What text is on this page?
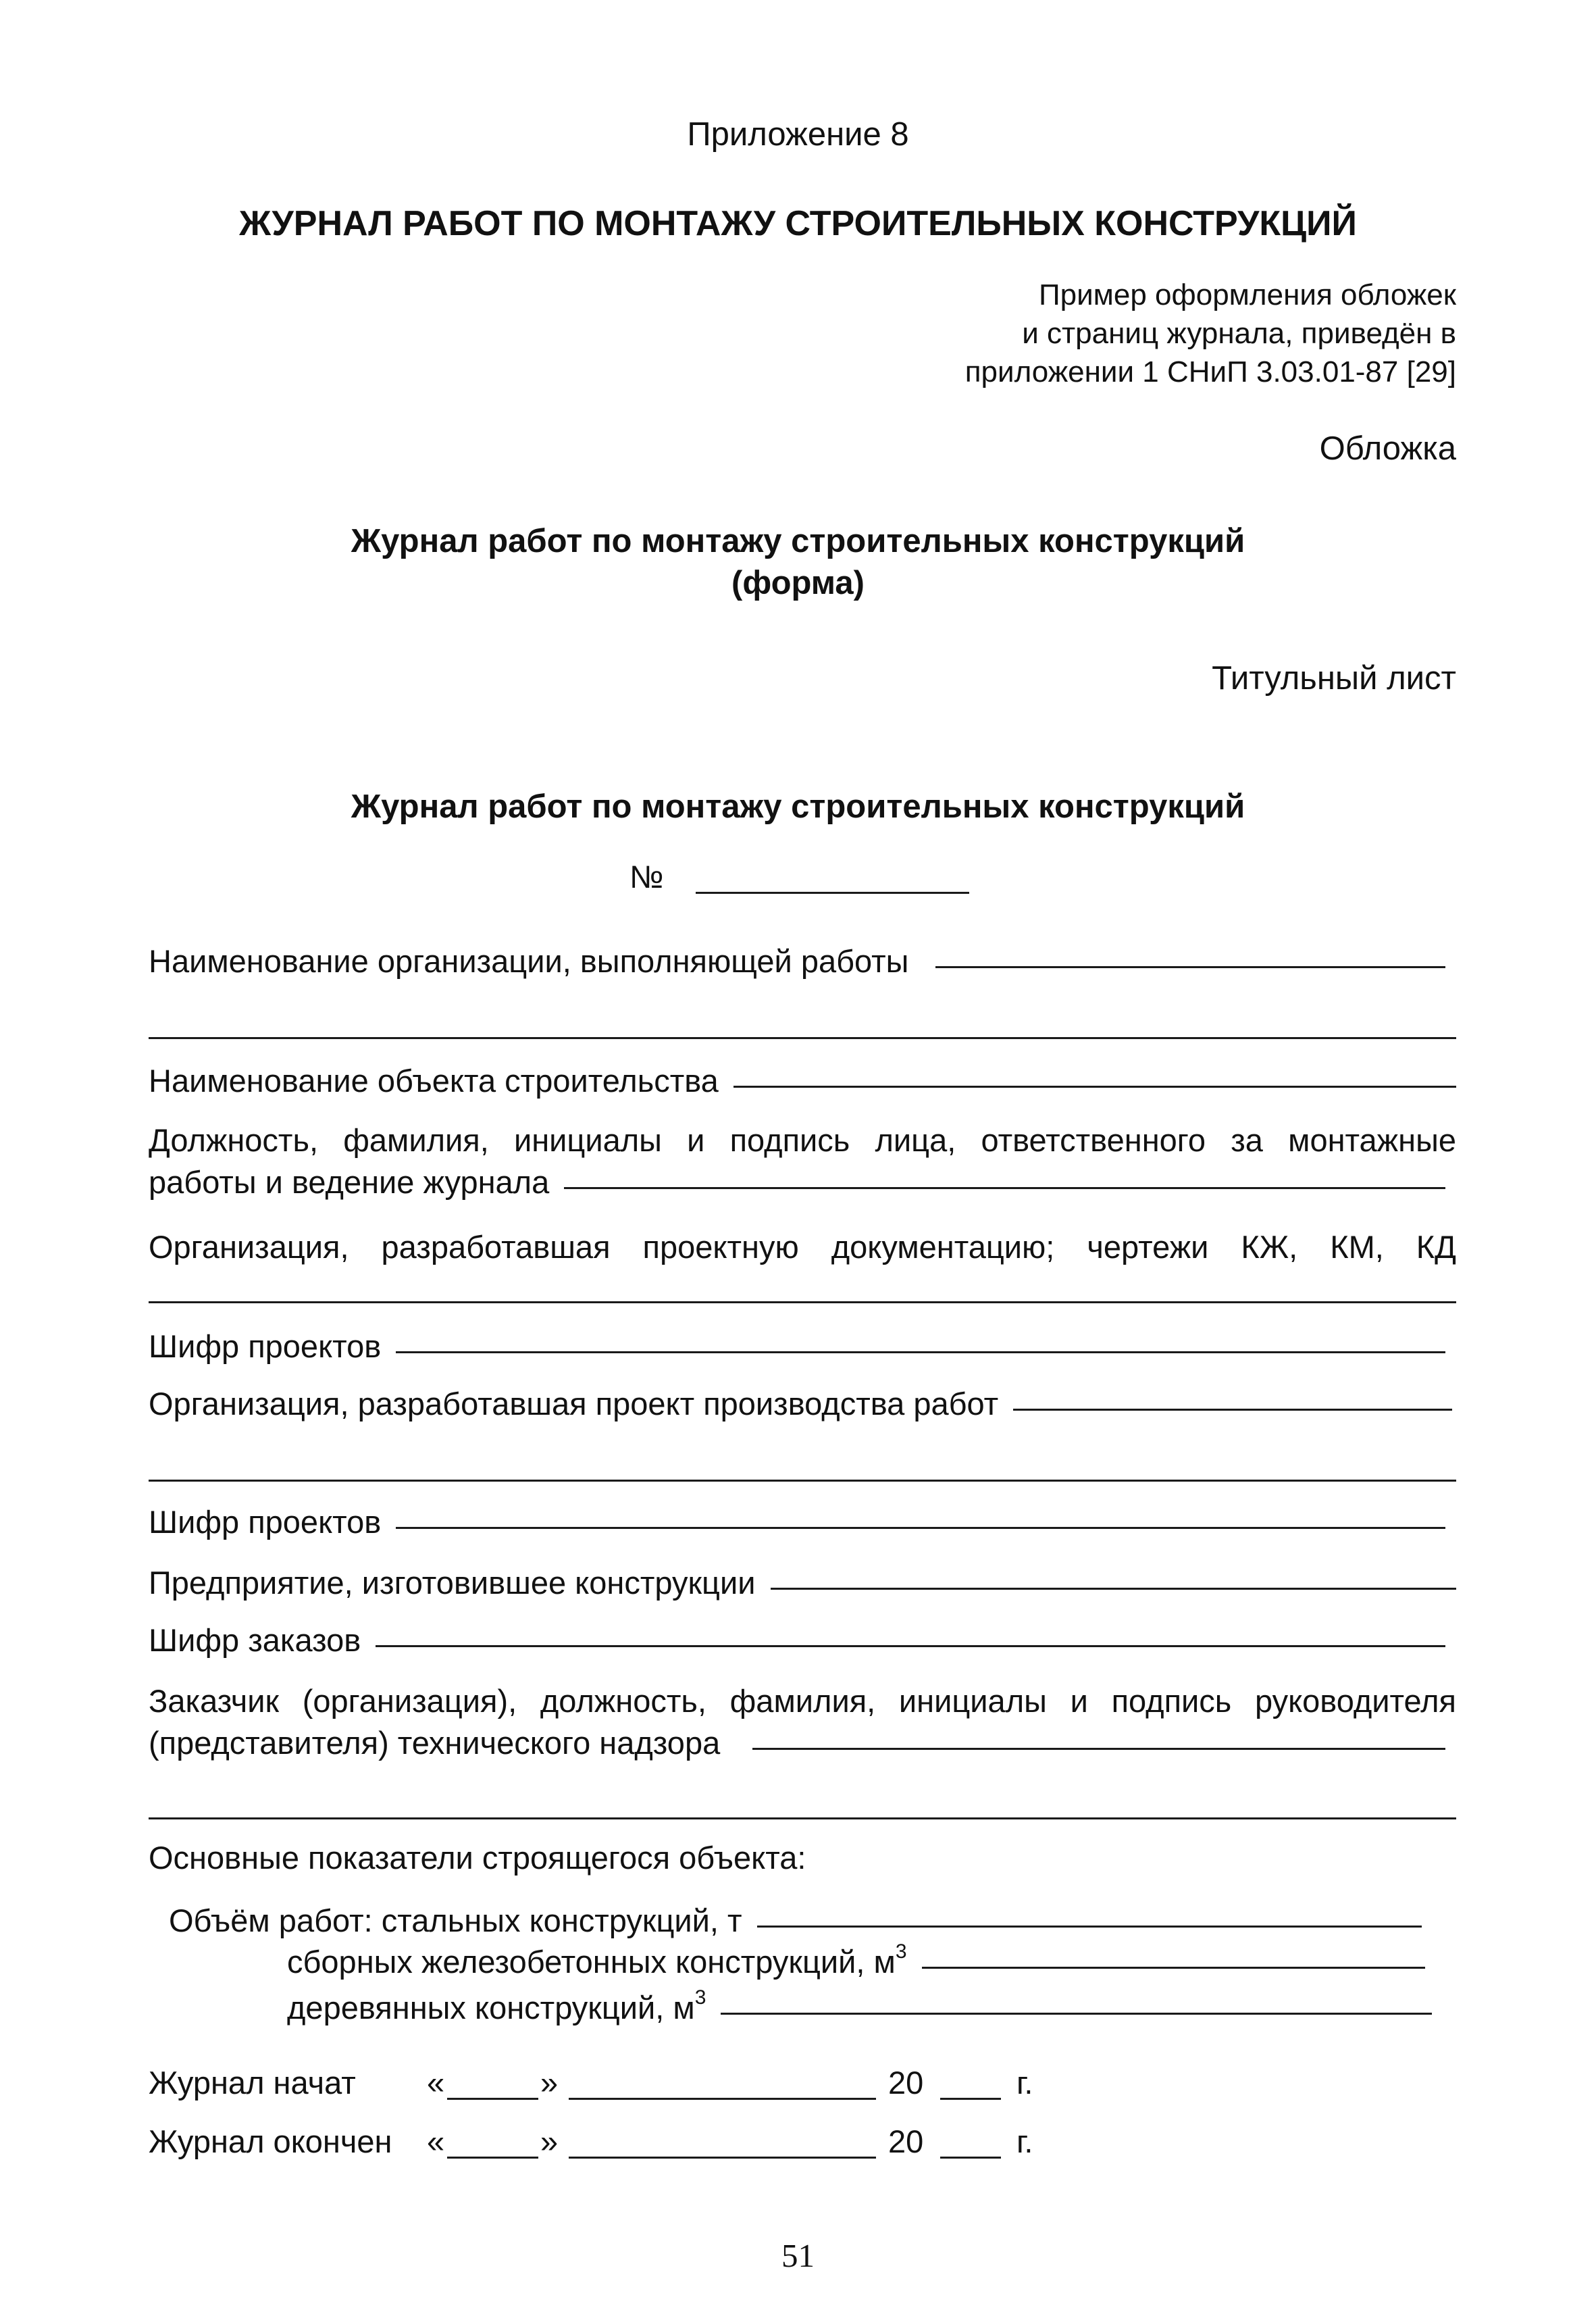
Приложение 8
ЖУРНАЛ РАБОТ ПО МОНТАЖУ СТРОИТЕЛЬНЫХ КОНСТРУКЦИЙ
Пример оформления обложек
и страниц журнала, приведён в
приложении 1 СНиП 3.03.01-87 [29]
Обложка
Журнал работ по монтажу строительных конструкций
(форма)
Титульный лист
Журнал работ по монтажу строительных конструкций
№
Наименование организации, выполняющей работы
Наименование объекта строительства
Должность, фамилия, инициалы и подпись лица, ответственного за монтажные
работы и ведение журнала
Организация, разработавшая проектную документацию; чертежи КЖ, КМ, КД
Шифр проектов
Организация, разработавшая проект производства работ
Шифр проектов
Предприятие, изготовившее конструкции
Шифр заказов
Заказчик (организация), должность, фамилия, инициалы и подпись руководителя
(представителя) технического надзора
Основные показатели строящегося объекта:
Объём работ: стальных конструкций, т
сборных железобетонных конструкций, $м^3$
деревянных конструкций, $м^3$
Журнал начат «	»	20	г.
Журнал окончен «	»	20	г.
51
